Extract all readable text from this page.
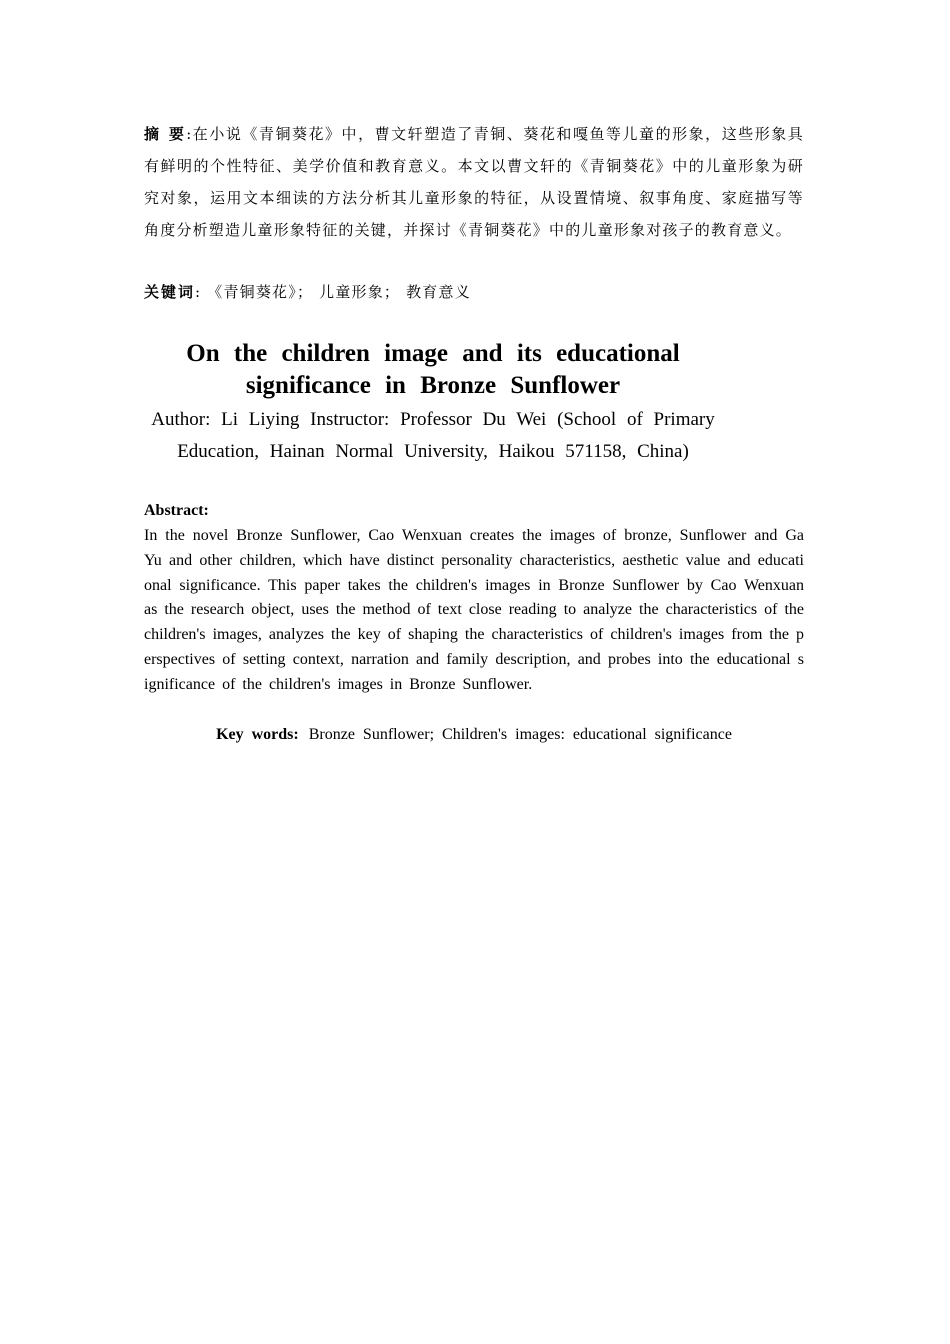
摘 要:在小说《青铜葵花》中，曹文轩塑造了青铜、葵花和嘎鱼等儿童的形象，这些形象具有鲜明的个性特征、美学价值和教育意义。本文以曹文轩的《青铜葵花》中的儿童形象为研究对象，运用文本细读的方法分析其儿童形象的特征，从设置情境、叙事角度、家庭描写等角度分析塑造儿童形象特征的关键，并探讨《青铜葵花》中的儿童形象对孩子的教育意义。
关键词: 《青铜葵花》； 儿童形象； 教育意义
On the children image and its educational
significance in Bronze Sunflower
Author: Li Liying Instructor: Professor Du Wei (School of Primary
Education, Hainan Normal University, Haikou 571158, China)
Abstract:
In the novel Bronze Sunflower, Cao Wenxuan creates the images of bronze, Sunflower and Ga Yu and other children, which have distinct personality characteristics, aesthetic value and educational significance. This paper takes the children's images in Bronze Sunflower by Cao Wenxuan as the research object, uses the method of text close reading to analyze the characteristics of the children's images, analyzes the key of shaping the characteristics of children's images from the perspectives of setting context, narration and family description, and probes into the educational significance of the children's images in Bronze Sunflower.
Key words: Bronze Sunflower; Children's images: educational significance
